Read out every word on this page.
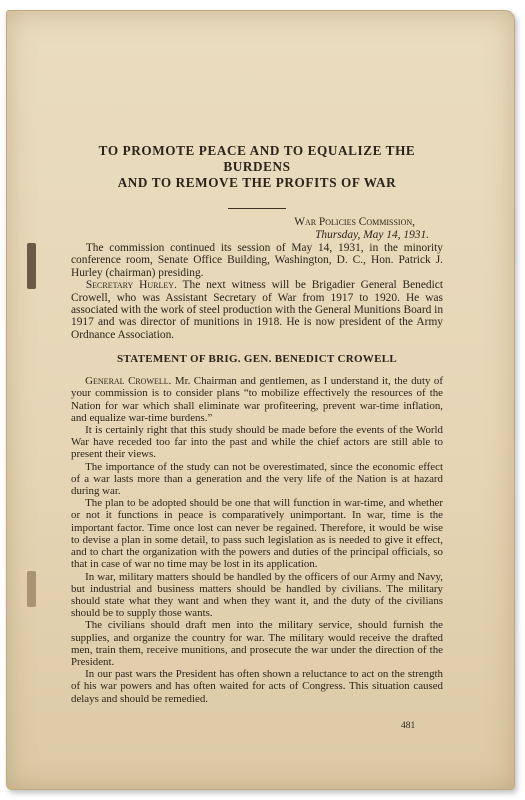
TO PROMOTE PEACE AND TO EQUALIZE THE BURDENS
AND TO REMOVE THE PROFITS OF WAR
War Policies Commission,
Thursday, May 14, 1931.

The commission continued its session of May 14, 1931, in the minority conference room, Senate Office Building, Washington, D. C., Hon. Patrick J. Hurley (chairman) presiding.

Secretary Hurley. The next witness will be Brigadier General Benedict Crowell, who was Assistant Secretary of War from 1917 to 1920. He was associated with the work of steel production with the General Munitions Board in 1917 and was director of munitions in 1918. He is now president of the Army Ordnance Association.

STATEMENT OF BRIG. GEN. BENEDICT CROWELL

General Crowell. Mr. Chairman and gentlemen, as I understand it, the duty of your commission is to consider plans “to mobilize effectively the resources of the Nation for war which shall eliminate war profiteering, prevent war-time inflation, and equalize war-time burdens.”

It is certainly right that this study should be made before the events of the World War have receded too far into the past and while the chief actors are still able to present their views.

The importance of the study can not be overestimated, since the economic effect of a war lasts more than a generation and the very life of the Nation is at hazard during war.

The plan to be adopted should be one that will function in war-time, and whether or not it functions in peace is comparatively unimportant. In war, time is the important factor. Time once lost can never be regained. Therefore, it would be wise to devise a plan in some detail, to pass such legislation as is needed to give it effect, and to chart the organization with the powers and duties of the principal officials, so that in case of war no time may be lost in its application.

In war, military matters should be handled by the officers of our Army and Navy, but industrial and business matters should be handled by civilians. The military should state what they want and when they want it, and the duty of the civilians should be to supply those wants.

The civilians should draft men into the military service, should furnish the supplies, and organize the country for war. The military would receive the drafted men, train them, receive munitions, and prosecute the war under the direction of the President.

In our past wars the President has often shown a reluctance to act on the strength of his war powers and has often waited for acts of Congress. This situation caused delays and should be remedied.

481
